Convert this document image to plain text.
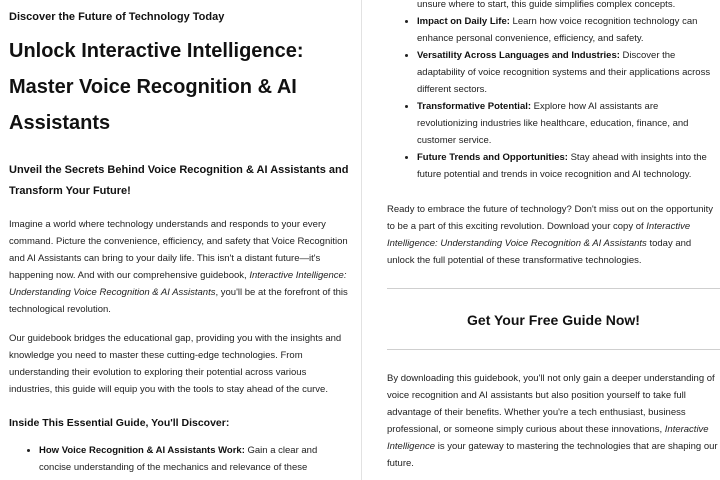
Discover the Future of Technology Today
Unlock Interactive Intelligence:
Master Voice Recognition & AI
Assistants
Unveil the Secrets Behind Voice Recognition & AI Assistants and Transform Your Future!

Imagine a world where technology understands and responds to your every command. Picture the convenience, efficiency, and safety that Voice Recognition and AI Assistants can bring to your daily life. This isn't a distant future—it's happening now. And with our comprehensive guidebook, Interactive Intelligence: Understanding Voice Recognition & AI Assistants, you'll be at the forefront of this technological revolution.

Our guidebook bridges the educational gap, providing you with the insights and knowledge you need to master these cutting-edge technologies. From understanding their evolution to exploring their potential across various industries, this guide will equip you with the tools to stay ahead of the curve.

Inside This Essential Guide, You'll Discover:
• How Voice Recognition & AI Assistants Work: Gain a clear and concise understanding of the mechanics and relevance of these
unsure where to start, this guide simplifies complex concepts.
• Impact on Daily Life: Learn how voice recognition technology can enhance personal convenience, efficiency, and safety.
• Versatility Across Languages and Industries: Discover the adaptability of voice recognition systems and their applications across different sectors.
• Transformative Potential: Explore how AI assistants are revolutionizing industries like healthcare, education, finance, and customer service.
• Future Trends and Opportunities: Stay ahead with insights into the future potential and trends in voice recognition and AI technology.

Ready to embrace the future of technology? Don't miss out on the opportunity to be a part of this exciting revolution. Download your copy of Interactive Intelligence: Understanding Voice Recognition & AI Assistants today and unlock the full potential of these transformative technologies.

Get Your Free Guide Now!

By downloading this guidebook, you'll not only gain a deeper understanding of voice recognition and AI assistants but also position yourself to take full advantage of their benefits. Whether you're a tech enthusiast, business professional, or someone simply curious about these innovations, Interactive Intelligence is your gateway to mastering the technologies that are shaping our future.
